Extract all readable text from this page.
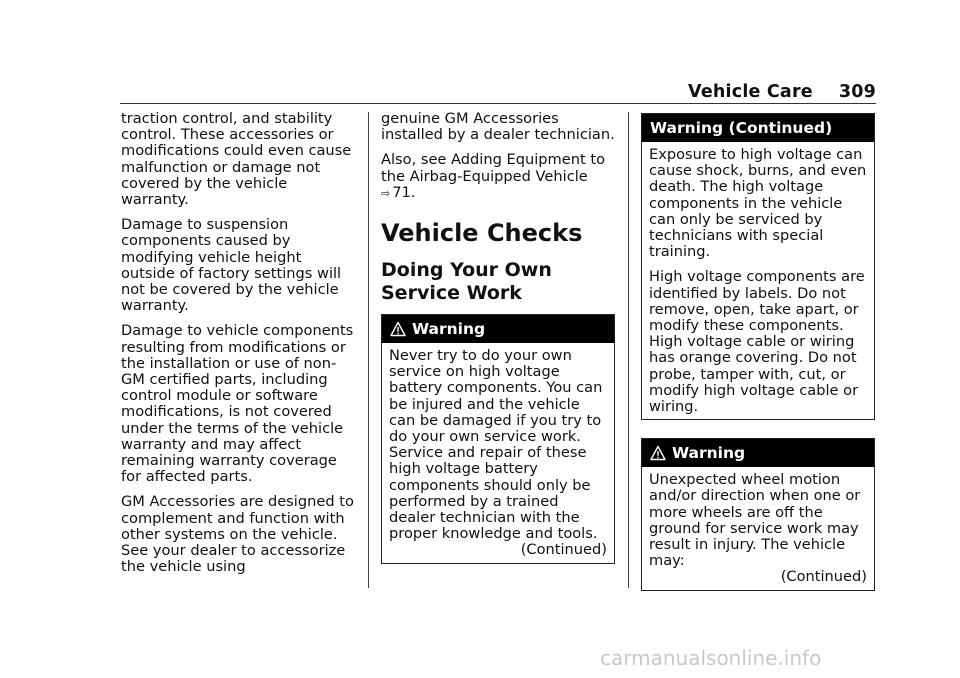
Vehicle Care 309

traction control, and stability control. These accessories or modifications could even cause malfunction or damage not covered by the vehicle warranty.

Damage to suspension components caused by modifying vehicle height outside of factory settings will not be covered by the vehicle warranty.

Damage to vehicle components resulting from modifications or the installation or use of non-GM certified parts, including control module or software modifications, is not covered under the terms of the vehicle warranty and may affect remaining warranty coverage for affected parts.

GM Accessories are designed to complement and function with other systems on the vehicle. See your dealer to accessorize the vehicle using

genuine GM Accessories installed by a dealer technician.

Also, see Adding Equipment to the Airbag-Equipped Vehicle
⇨ 71.

Vehicle Checks
Doing Your Own Service Work
Warning

Never try to do your own service on high voltage battery components. You can be injured and the vehicle can be damaged if you try to do your own service work. Service and repair of these high voltage battery components should only be performed by a trained dealer technician with the proper knowledge and tools.

(Continued)
Warning (Continued)

Exposure to high voltage can cause shock, burns, and even death. The high voltage components in the vehicle can only be serviced by technicians with special training.

High voltage components are identified by labels. Do not remove, open, take apart, or modify these components. High voltage cable or wiring has orange covering. Do not probe, tamper with, cut, or modify high voltage cable or wiring.

Warning

Unexpected wheel motion and/or direction when one or more wheels are off the ground for service work may result in injury. The vehicle may:

(Continued)
carmanualsonline.info
